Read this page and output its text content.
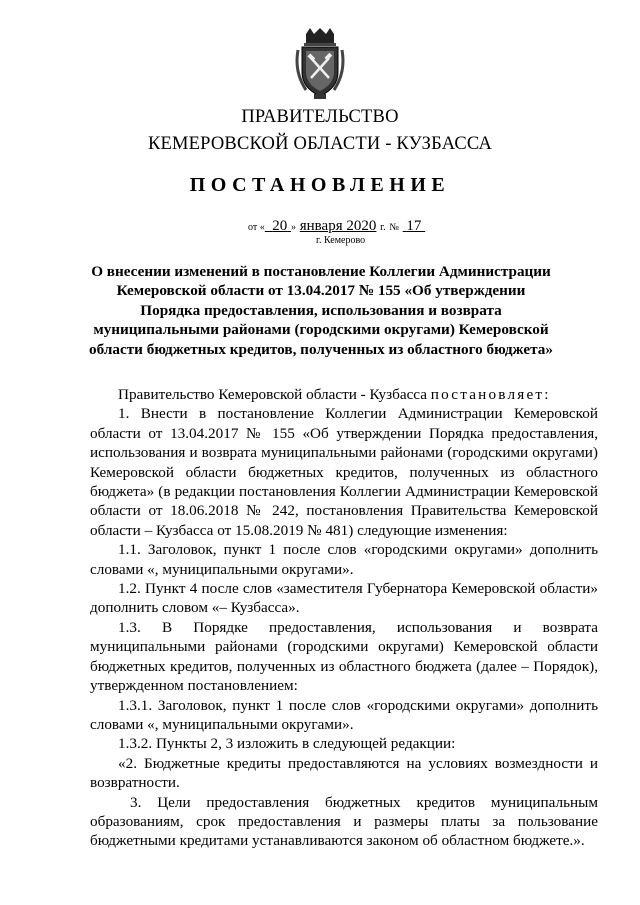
ПРАВИТЕЛЬСТВО
КЕМЕРОВСКОЙ ОБЛАСТИ - КУЗБАССА
ПОСТАНОВЛЕНИЕ
от « 20 » января 2020 г. № 17
г. Кемерово
О внесении изменений в постановление Коллегии Администрации Кемеровской области от 13.04.2017 № 155 «Об утверждении Порядка предоставления, использования и возврата муниципальными районами (городскими округами) Кемеровской области бюджетных кредитов, полученных из областного бюджета»

Правительство Кемеровской области - Кузбасса постановляет:

1. Внести в постановление Коллегии Администрации Кемеровской области от 13.04.2017 № 155 «Об утверждении Порядка предоставления, использования и возврата муниципальными районами (городскими округами) Кемеровской области бюджетных кредитов, полученных из областного бюджета» (в редакции постановления Коллегии Администрации Кемеровской области от 18.06.2018 № 242, постановления Правительства Кемеровской области – Кузбасса от 15.08.2019 № 481) следующие изменения:

1.1. Заголовок, пункт 1 после слов «городскими округами» дополнить словами «, муниципальными округами».

1.2. Пункт 4 после слов «заместителя Губернатора Кемеровской области» дополнить словом «– Кузбасса».

1.3. В Порядке предоставления, использования и возврата муниципальными районами (городскими округами) Кемеровской области бюджетных кредитов, полученных из областного бюджета (далее – Порядок), утвержденном постановлением:

1.3.1. Заголовок, пункт 1 после слов «городскими округами» дополнить словами «, муниципальными округами».

1.3.2. Пункты 2, 3 изложить в следующей редакции:

«2. Бюджетные кредиты предоставляются на условиях возмездности и возвратности.

3. Цели предоставления бюджетных кредитов муниципальным образованиям, срок предоставления и размеры платы за пользование бюджетными кредитами устанавливаются законом об областном бюджете.».
